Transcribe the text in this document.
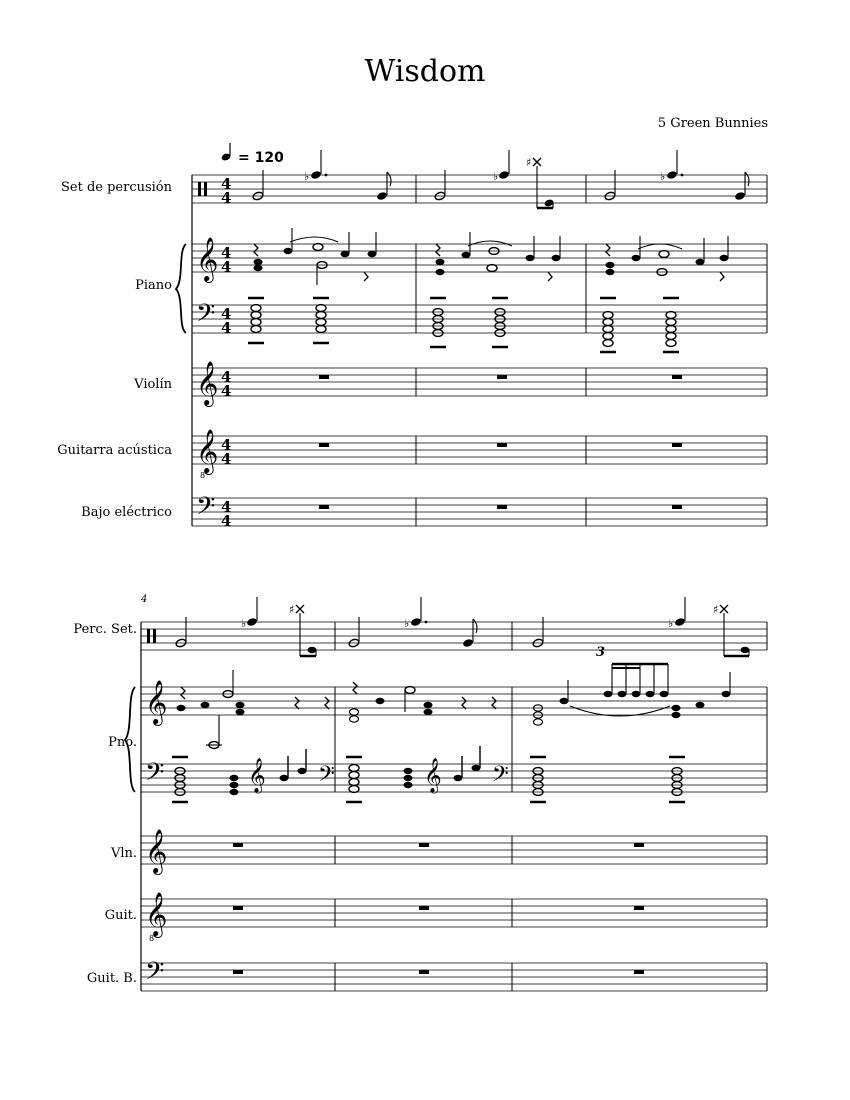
Wisdom
5 Green Bunnies
Set de percusión
Piano
Violín
Guitarra acústica
Bajo eléctrico
Perc. Set.
Pno.
Vln.
Guit.
Guit. B.
= 120
𝄞
𝄢
𝄞
𝄞
8
𝄢
4
4
4
4
4
4
4
4
4
4
4
4
♭	♭
♯
♭
4
𝄞
𝄢
𝄞
𝄞
8
𝄢
♭
♯
♭	♭
♯
3
𝄞 𝄢	𝄞 𝄢
